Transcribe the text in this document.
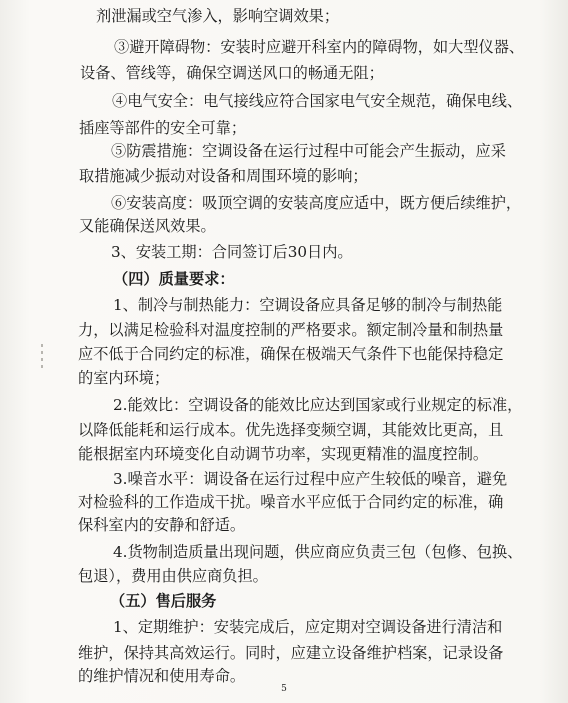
剂泄漏或空气渗入，影响空调效果；
③避开障碍物：安装时应避开科室内的障碍物，如大型仪器、
设备、管线等，确保空调送风口的畅通无阻；
④电气安全：电气接线应符合国家电气安全规范，确保电线、
插座等部件的安全可靠；
⑤防震措施：空调设备在运行过程中可能会产生振动，应采
取措施减少振动对设备和周围环境的影响；
⑥安装高度：吸顶空调的安装高度应适中，既方便后续维护，
又能确保送风效果。
3、安装工期：合同签订后30日内。
（四）质量要求：
1、制冷与制热能力：空调设备应具备足够的制冷与制热能
力，以满足检验科对温度控制的严格要求。额定制冷量和制热量
应不低于合同约定的标准，确保在极端天气条件下也能保持稳定
的室内环境；
2.能效比：空调设备的能效比应达到国家或行业规定的标准，
以降低能耗和运行成本。优先选择变频空调，其能效比更高，且
能根据室内环境变化自动调节功率，实现更精准的温度控制。
3.噪音水平：调设备在运行过程中应产生较低的噪音，避免
对检验科的工作造成干扰。噪音水平应低于合同约定的标准，确
保科室内的安静和舒适。
4.货物制造质量出现问题，供应商应负责三包（包修、包换、
包退），费用由供应商负担。
（五）售后服务
1、定期维护：安装完成后，应定期对空调设备进行清洁和
维护，保持其高效运行。同时，应建立设备维护档案，记录设备
的维护情况和使用寿命。
5
